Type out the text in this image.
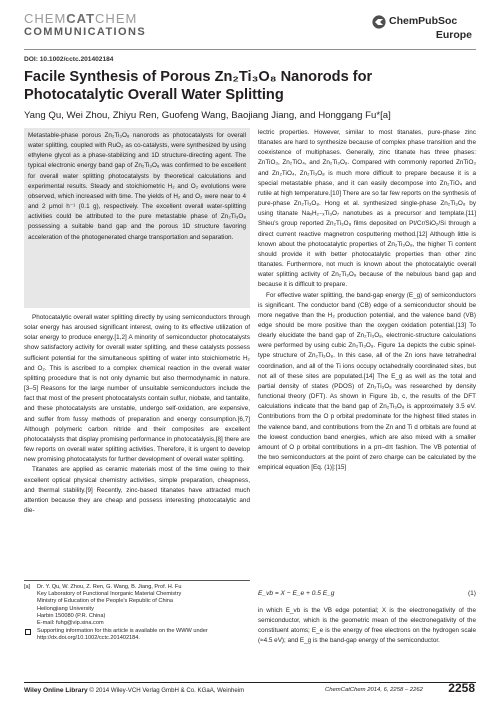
CHEMCATCHEM
COMMUNICATIONS
ChemPubSoc
Europe
DOI: 10.1002/cctc.201402184
Facile Synthesis of Porous Zn₂Ti₃O₈ Nanorods for
Photocatalytic Overall Water Splitting
Yang Qu, Wei Zhou, Zhiyu Ren, Guofeng Wang, Baojiang Jiang, and Honggang Fu*[a]

Metastable-phase porous Zn₂Ti₃O₈ nanorods as photocatalysts for overall water splitting, coupled with RuO₂ as co-catalysts, were synthesized by using ethylene glycol as a phase-stabilizing and 1D structure-directing agent. The typical electronic energy band gap of Zn₂Ti₃O₈ was confirmed to be excellent for overall water splitting photocatalysts by theoretical calculations and experimental results. Steady and stoichiometric H₂ and O₂ evolutions were observed, which increased with time. The yields of H₂ and O₂ were near to 4 and 2 μmol h⁻¹ (0.1 g), respectively. The excellent overall water-splitting activities could be attributed to the pure metastable phase of Zn₂Ti₃O₈ possessing a suitable band gap and the porous 1D structure favoring acceleration of the photogenerated charge transportation and separation.

Photocatalytic overall water splitting directly by using semiconductors through solar energy has aroused significant interest, owing to its effective utilization of solar energy to produce energy.[1,2] A minority of semiconductor photocatalysts show satisfactory activity for overall water splitting, and these catalysts possess sufficient potential for the simultaneous splitting of water into stoichiometric H₂ and O₂. This is ascribed to a complex chemical reaction in the overall water splitting procedure that is not only dynamic but also thermodynamic in nature.[3–5] Reasons for the large number of unsuitable semiconductors include the fact that most of the present photocatalysts contain sulfur, niobate, and tantalite, and these photocatalysts are unstable, undergo self-oxidation, are expensive, and suffer from fussy methods of preparation and energy consumption.[6,7] Although polymeric carbon nitride and their composites are excellent photocatalysts that display promising performance in photocatalysis,[8] there are few reports on overall water splitting activities. Therefore, it is urgent to develop new promising photocatalysts for further development of overall water splitting.

Titanates are applied as ceramic materials most of the time owing to their excellent optical physical chemistry activities, simple preparation, cheapness, and thermal stability.[9] Recently, zinc-based titanates have attracted much attention because they are cheap and possess interesting photocatalytic and die-

lectric properties. However, similar to most titanates, pure-phase zinc titanates are hard to synthesize because of complex phase transition and the coexistence of multiphases. Generally, zinc titanate has three phases: ZnTiO₃, Zn₂TiO₄, and Zn₂Ti₃O₈. Compared with commonly reported ZnTiO₃ and Zn₂TiO₄, Zn₂Ti₃O₈ is much more difficult to prepare because it is a special metastable phase, and it can easily decompose into Zn₂TiO₄ and rutile at high temperature.[10] There are so far few reports on the synthesis of pure-phase Zn₂Ti₃O₈. Hong et al. synthesized single-phase Zn₂Ti₃O₈ by using titanate NaₓH₂₋ₓTi₃O₇ nanotubes as a precursor and template.[11] Shieu's group reported Zn₂Ti₃O₈ films deposited on Pt/Cr/SiO₂/Si through a direct current reactive magnetron cosputtering method.[12] Although little is known about the photocatalytic properties of Zn₂Ti₃O₈, the higher Ti content should provide it with better photocatalytic properties than other zinc titanates. Furthermore, not much is known about the photocatalytic overall water splitting activity of Zn₂Ti₃O₈ because of the nebulous band gap and because it is difficult to prepare.

For effective water splitting, the band-gap energy (E_g) of semiconductors is significant. The conductor band (CB) edge of a semiconductor should be more negative than the H₂ production potential, and the valence band (VB) edge should be more positive than the oxygen oxidation potential.[13] To clearly elucidate the band gap of Zn₂Ti₃O₈, electronic-structure calculations were performed by using cubic Zn₂Ti₃O₈. Figure 1a depicts the cubic spinel-type structure of Zn₂Ti₃O₈. In this case, all of the Zn ions have tetrahedral coordination, and all of the Ti ions occupy octahedrally coordinated sites, but not all of these sites are populated.[14] The E_g as well as the total and partial density of states (PDOS) of Zn₂Ti₃O₈ was researched by density functional theory (DFT). As shown in Figure 1b, c, the results of the DFT calculations indicate that the band gap of Zn₂Ti₃O₈ is approximately 3.5 eV. Contributions from the O p orbital predominate for the highest filled states in the valence band, and contributions from the Zn and Ti d orbitals are found at the lowest conduction band energies, which are also mixed with a smaller amount of O p orbital contributions in a pπ–dπ fashion. The VB potential of the two semiconductors at the point of zero charge can be calculated by the empirical equation [Eq. (1)]:[15]

E_vb = X − E_e + 0.5 E_g	(1)

in which E_vb is the VB edge potential; X is the electronegativity of the semiconductor, which is the geometric mean of the electronegativity of the constituent atoms; E_e is the energy of free electrons on the hydrogen scale (≈4.5 eV); and E_g is the band-gap energy of the semiconductor.

[a] Dr. Y. Qu, W. Zhou, Z. Ren, G. Wang, B. Jiang, Prof. H. Fu
Key Laboratory of Functional Inorganic Material Chemistry
Ministry of Education of the People's Republic of China
Heilongjiang University
Harbin 150080 (P.R. China)
E-mail: fuhg@vip.sina.com
Supporting information for this article is available on the WWW under
http://dx.doi.org/10.1002/cctc.201402184.
Wiley Online Library © 2014 Wiley-VCH Verlag GmbH & Co. KGaA, Weinheim	ChemCatChem 2014, 6, 2258 – 2262 2258
